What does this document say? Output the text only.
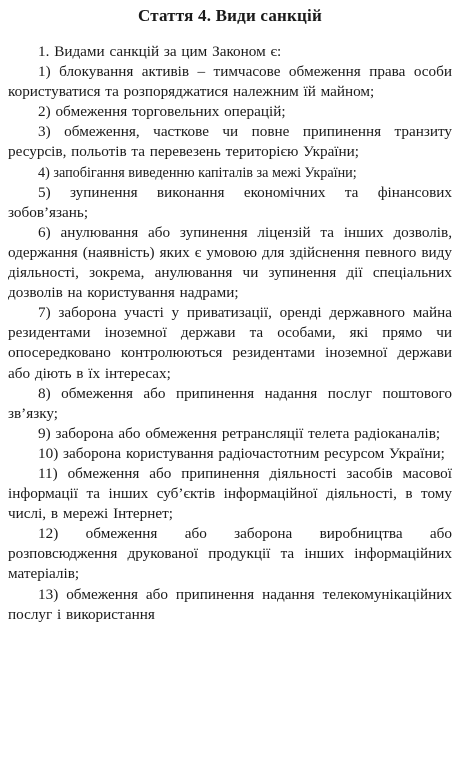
Стаття 4. Види санкцій

1. Видами санкцій за цим Законом є:

1) блокування активів – тимчасове обмеження права особи користуватися та розпоряджатися належним їй майном;

2) обмеження торговельних операцій;

3) обмеження, часткове чи повне припинення транзиту ресурсів, польотів та перевезень територією України;

4) запобігання виведенню капіталів за межі України;

5) зупинення виконання економічних та фінансових зобов’язань;

6) анулювання або зупинення ліцензій та інших дозволів, одержання (наявність) яких є умовою для здійснення певного виду діяльності, зокрема, анулювання чи зупинення дії спеціальних дозволів на користування надрами;

7) заборона участі у приватизації, оренді державного майна резидентами іноземної держави та особами, які прямо чи опосередковано контролюються резидентами іноземної держави або діють в їх інтересах;

8) обмеження або припинення надання послуг поштового зв’язку;

9) заборона або обмеження ретрансляції телета радіоканалів;

10) заборона користування радіочастотним ресурсом України;

11) обмеження або припинення діяльності засобів масової інформації та інших суб’єктів інформаційної діяльності, в тому числі, в мережі Інтернет;

12) обмеження або заборона виробництва або розповсюдження друкованої продукції та інших інформаційних матеріалів;

13) обмеження або припинення надання телекомунікаційних послуг і використання
